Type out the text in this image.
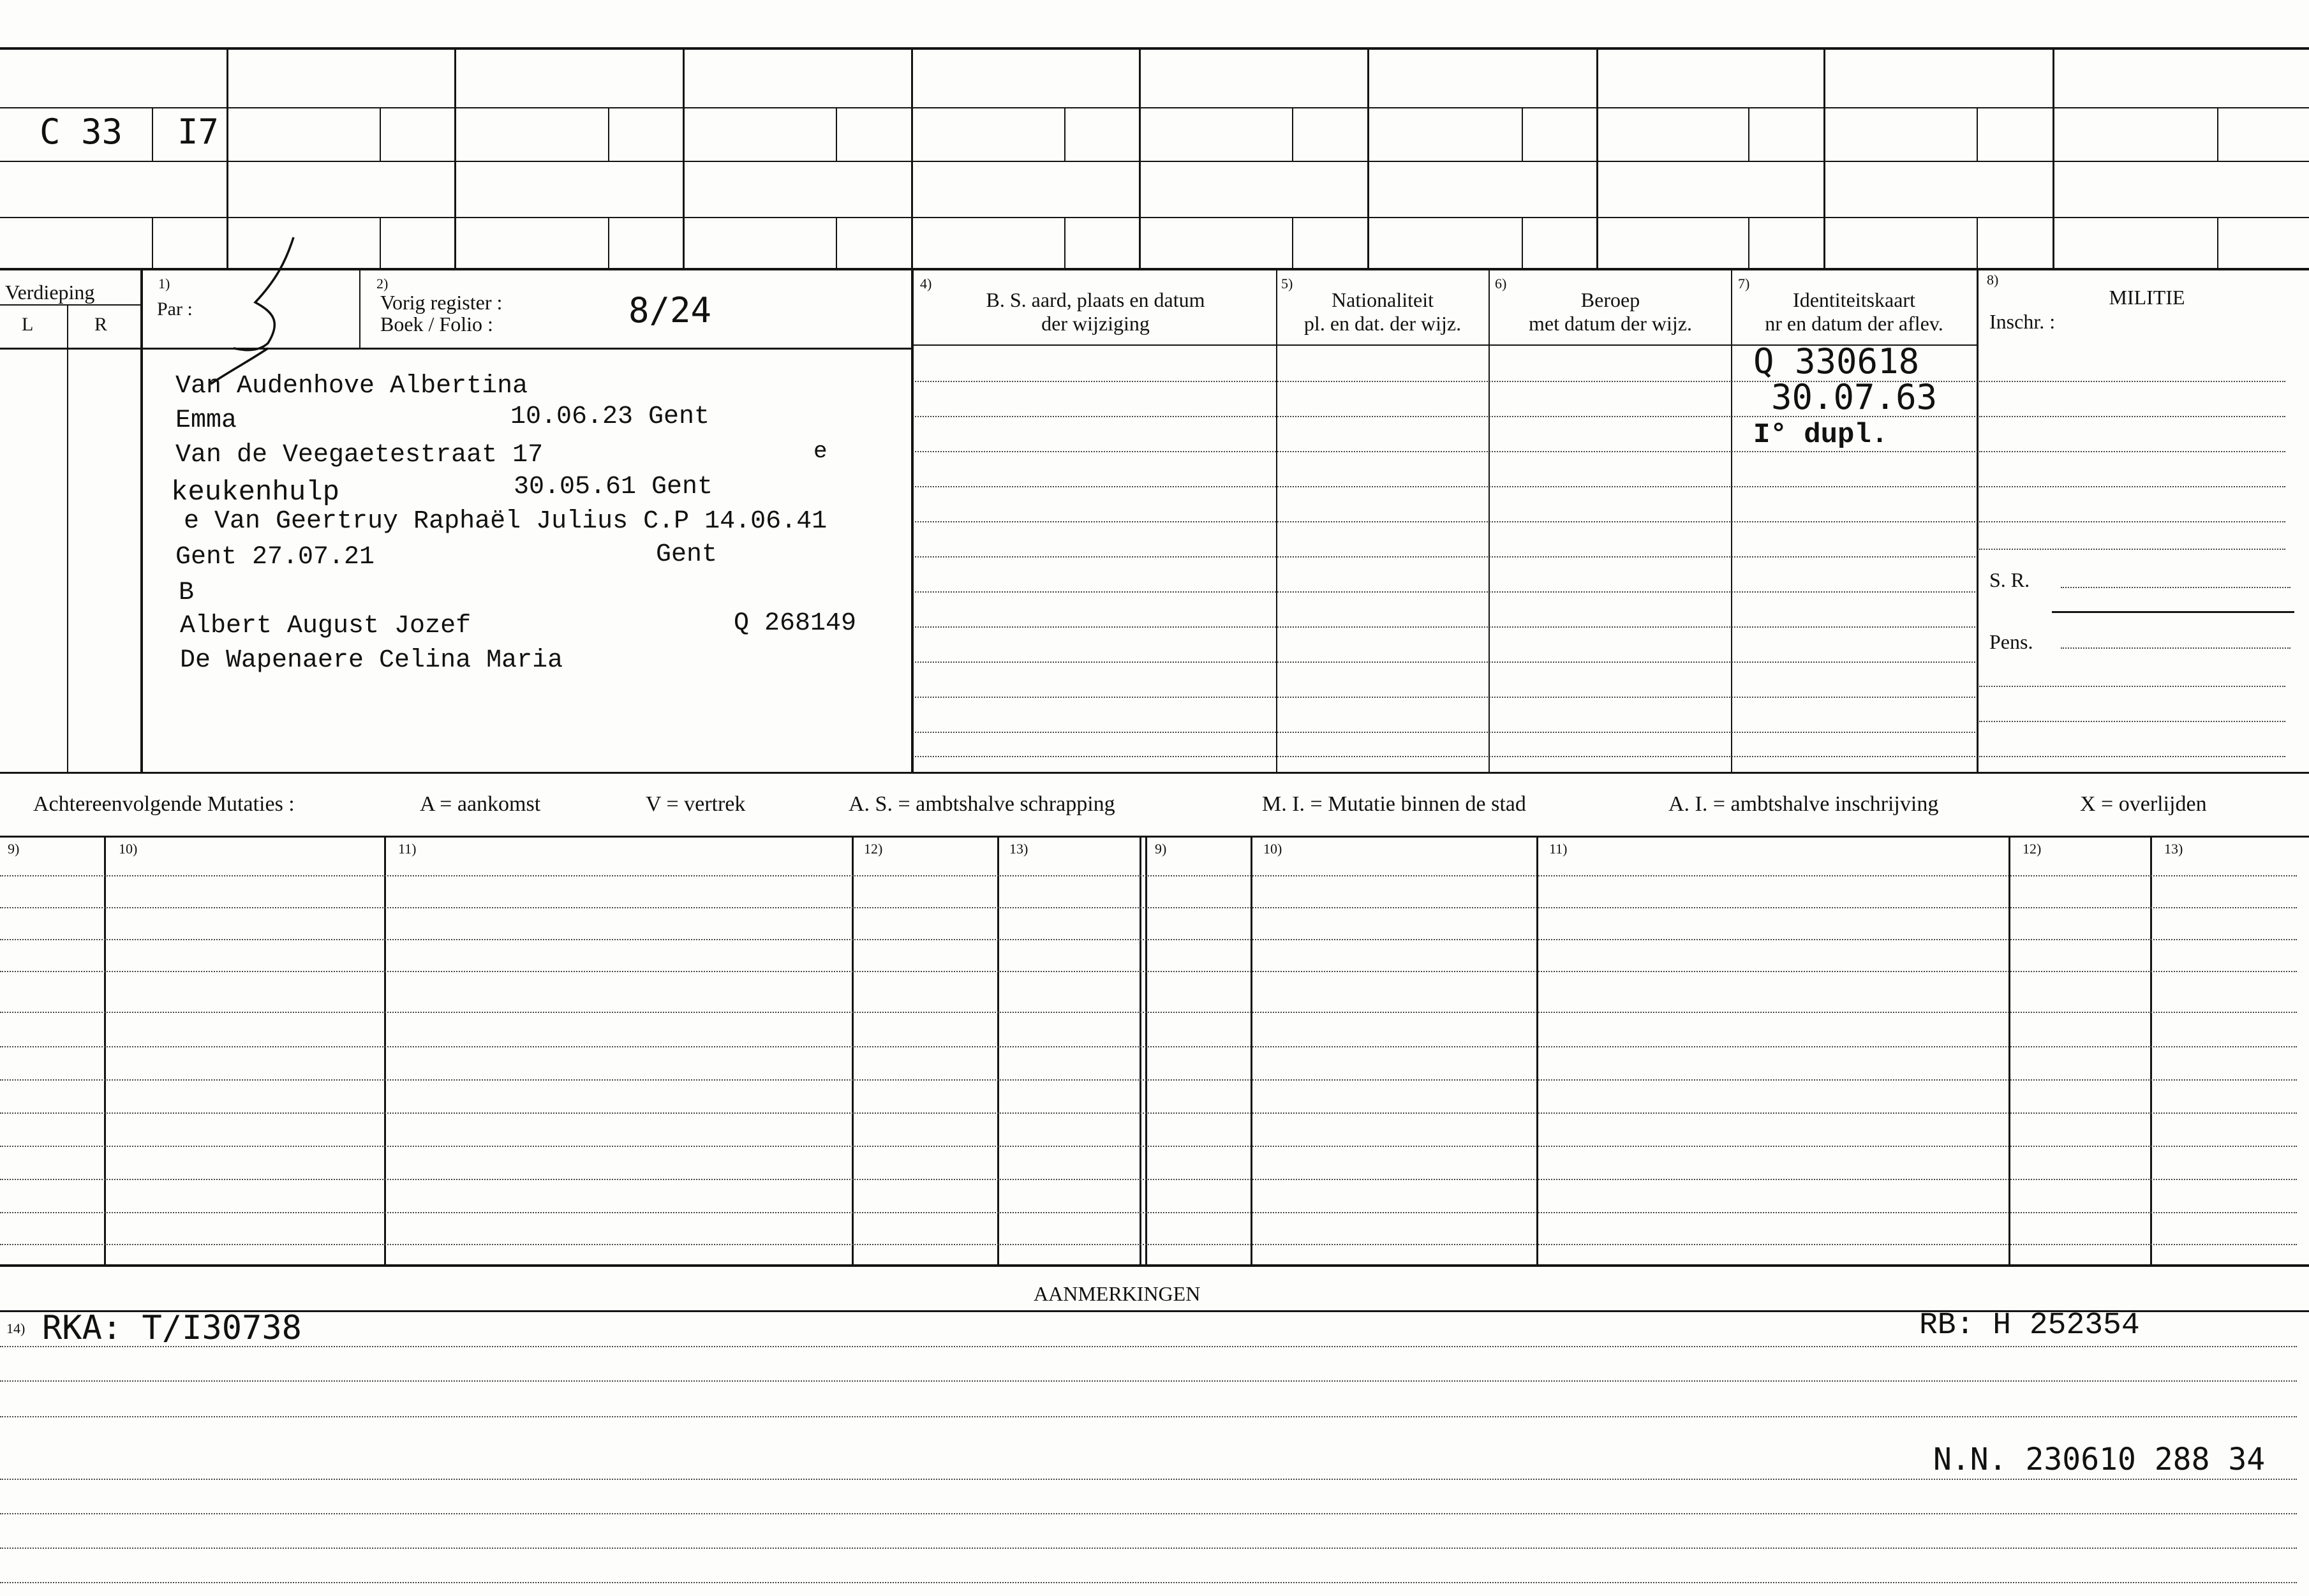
C 33 I7
Verdieping
L	R
1)
Par :
2)
Vorig register :
Boek / Folio :	8/24
4)
B. S. aard, plaats en datum
der wijziging
5)
Nationaliteit
pl. en dat. der wijz.
6)
Beroep
met datum der wijz.
7)
Identiteitskaart
nr en datum der aflev.
8)
MILITIE
Inschr. :
S. R.
Pens.
Van Audenhove Albertina
Emma	10.06.23 Gent
Van de Veegaetestraat 17	e
keukenhulp	30.05.61 Gent
e Van Geertruy Raphaël Julius C.P 14.06.41
Gent 27.07.21	Gent
B
Albert August Jozef	Q 268149
De Wapenaere Celina Maria
Q 330618
30.07.63
I° dupl.
Achtereenvolgende Mutaties :	A = aankomst	V = vertrek	A. S. = ambtshalve schrapping	M. I. = Mutatie binnen de stad	A. I. = ambtshalve inschrijving	X = overlijden
9)	10)	11)	12)	13)	9)	10)	11)	12)	13)
AANMERKINGEN
14) RKA: T/I30738	RB: H 252354
N.N. 230610 288 34
